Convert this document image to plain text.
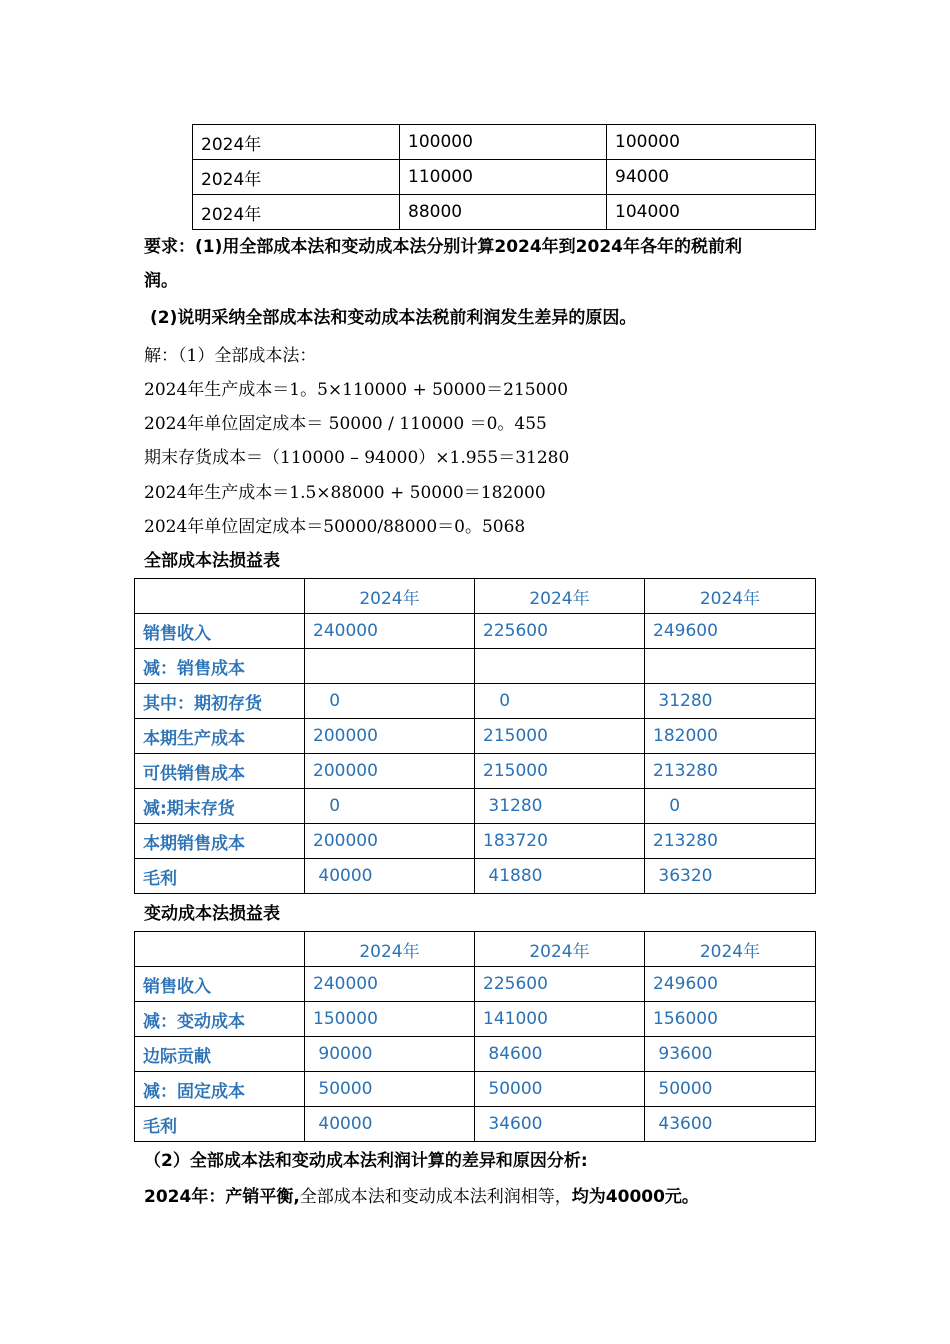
2024年	100000	100000
2024年	110000	94000
2024年	88000	104000
要求：(1)用全部成本法和变动成本法分别计算2024年到2024年各年的税前利
润。
(2)说明采纳全部成本法和变动成本法税前利润发生差异的原因。
解：（1）全部成本法：
2024年生产成本＝1。5×110000 + 50000＝215000
2024年单位固定成本＝ 50000 / 110000 ＝0。455
期末存货成本＝（110000 – 94000）×1.955＝31280
2024年生产成本＝1.5×88000 + 50000＝182000
2024年单位固定成本＝50000/88000＝0。5068
全部成本法损益表
	2024年	2024年	2024年
销售收入	240000	225600	249600
减：销售成本			
其中：期初存货	0	0	31280
本期生产成本	200000	215000	182000
可供销售成本	200000	215000	213280
减:期末存货	0	31280	0
本期销售成本	200000	183720	213280
毛利	40000	41880	36320
变动成本法损益表
	2024年	2024年	2024年
销售收入	240000	225600	249600
减：变动成本	150000	141000	156000
边际贡献	90000	84600	93600
减：固定成本	50000	50000	50000
毛利	40000	34600	43600
（2）全部成本法和变动成本法利润计算的差异和原因分析:
2024年：产销平衡,全部成本法和变动成本法利润相等，均为40000元。
